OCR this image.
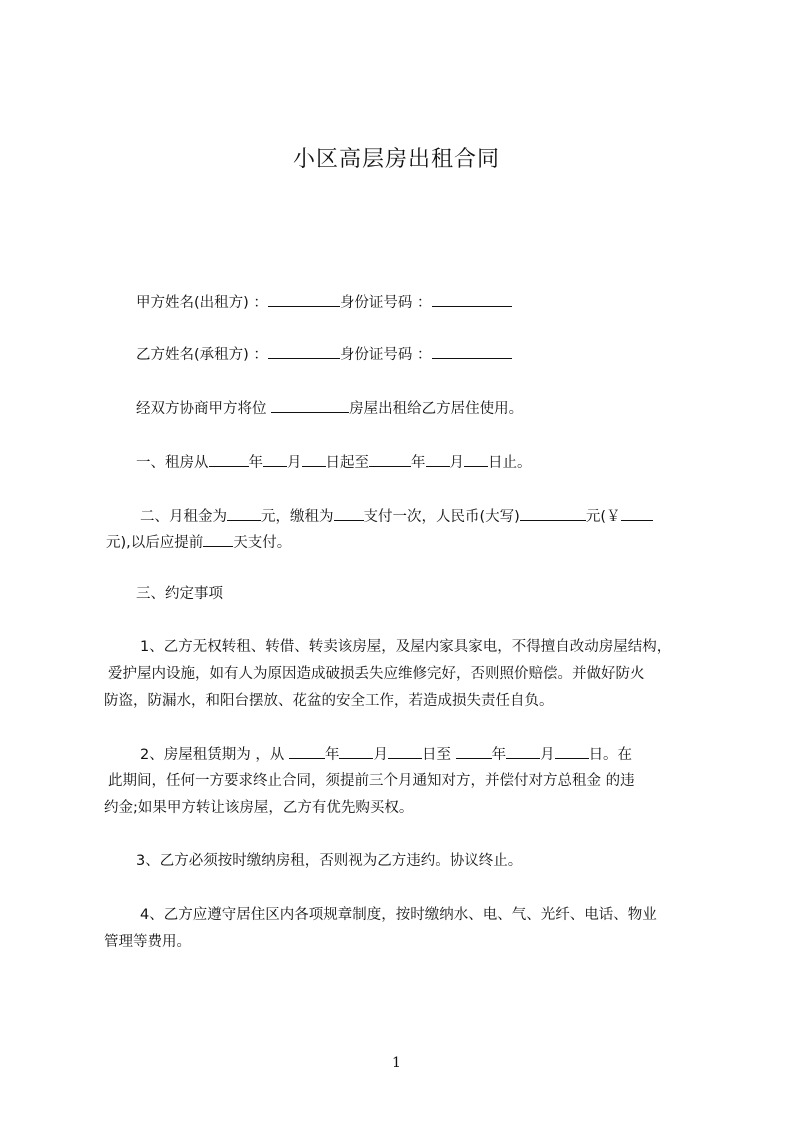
小区高层房出租合同
甲方姓名(出租方) ：	身份证号码 ：
乙方姓名(承租方) ：	身份证号码 ：
经双方协商甲方将位	房屋出租给乙方居住使用。
一、租房从	年 月 日起至	年 月 日止。
二、月租金为 元，缴租为 支付一次，人民币(大写)	元(￥
元),以后应提前 天支付。
三、约定事项
1、乙方无权转租、转借、转卖该房屋，及屋内家具家电，不得擅自改动房屋结构，
爱护屋内设施，如有人为原因造成破损丢失应维修完好，否则照价赔偿。并做好防火
防盗，防漏水，和阳台摆放、花盆的安全工作，若造成损失责任自负。
2、房屋租赁期为 ，从 年 月 日至 年 月 日。在
此期间，任何一方要求终止合同，须提前三个月通知对方，并偿付对方总租金 的违
约金;如果甲方转让该房屋，乙方有优先购买权。
3、乙方必须按时缴纳房租，否则视为乙方违约。协议终止。
4、乙方应遵守居住区内各项规章制度，按时缴纳水、电、气、光纤、电话、物业
管理等费用。
1
